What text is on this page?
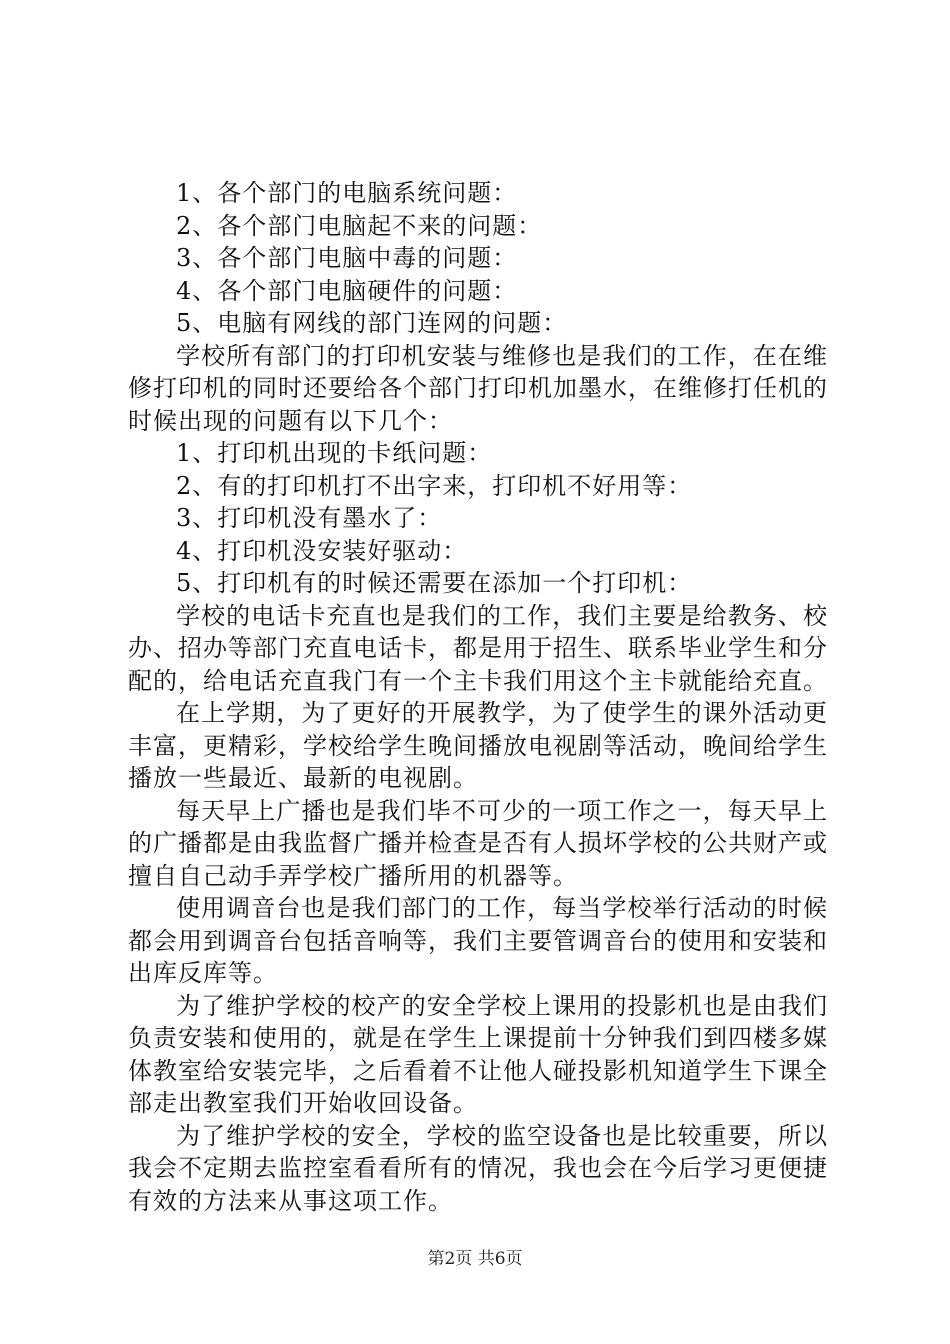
1、各个部门的电脑系统问题：

2、各个部门电脑起不来的问题：

3、各个部门电脑中毒的问题：

4、各个部门电脑硬件的问题：

5、电脑有网线的部门连网的问题：

学校所有部门的打印机安装与维修也是我们的工作，在在维修打印机的同时还要给各个部门打印机加墨水，在维修打任机的时候出现的问题有以下几个：

1、打印机出现的卡纸问题：

2、有的打印机打不出字来，打印机不好用等：

3、打印机没有墨水了：

4、打印机没安装好驱动：

5、打印机有的时候还需要在添加一个打印机：

学校的电话卡充直也是我们的工作，我们主要是给教务、校办、招办等部门充直电话卡，都是用于招生、联系毕业学生和分配的，给电话充直我门有一个主卡我们用这个主卡就能给充直。

在上学期，为了更好的开展教学，为了使学生的课外活动更丰富，更精彩，学校给学生晚间播放电视剧等活动，晚间给学生播放一些最近、最新的电视剧。

每天早上广播也是我们毕不可少的一项工作之一，每天早上的广播都是由我监督广播并检查是否有人损坏学校的公共财产或擅自自己动手弄学校广播所用的机器等。

使用调音台也是我们部门的工作，每当学校举行活动的时候都会用到调音台包括音响等，我们主要管调音台的使用和安装和出库反库等。

为了维护学校的校产的安全学校上课用的投影机也是由我们负责安装和使用的，就是在学生上课提前十分钟我们到四楼多媒体教室给安装完毕，之后看着不让他人碰投影机知道学生下课全部走出教室我们开始收回设备。

为了维护学校的安全，学校的监空设备也是比较重要，所以我会不定期去监控室看看所有的情况，我也会在今后学习更便捷有效的方法来从事这项工作。

第2页 共6页
